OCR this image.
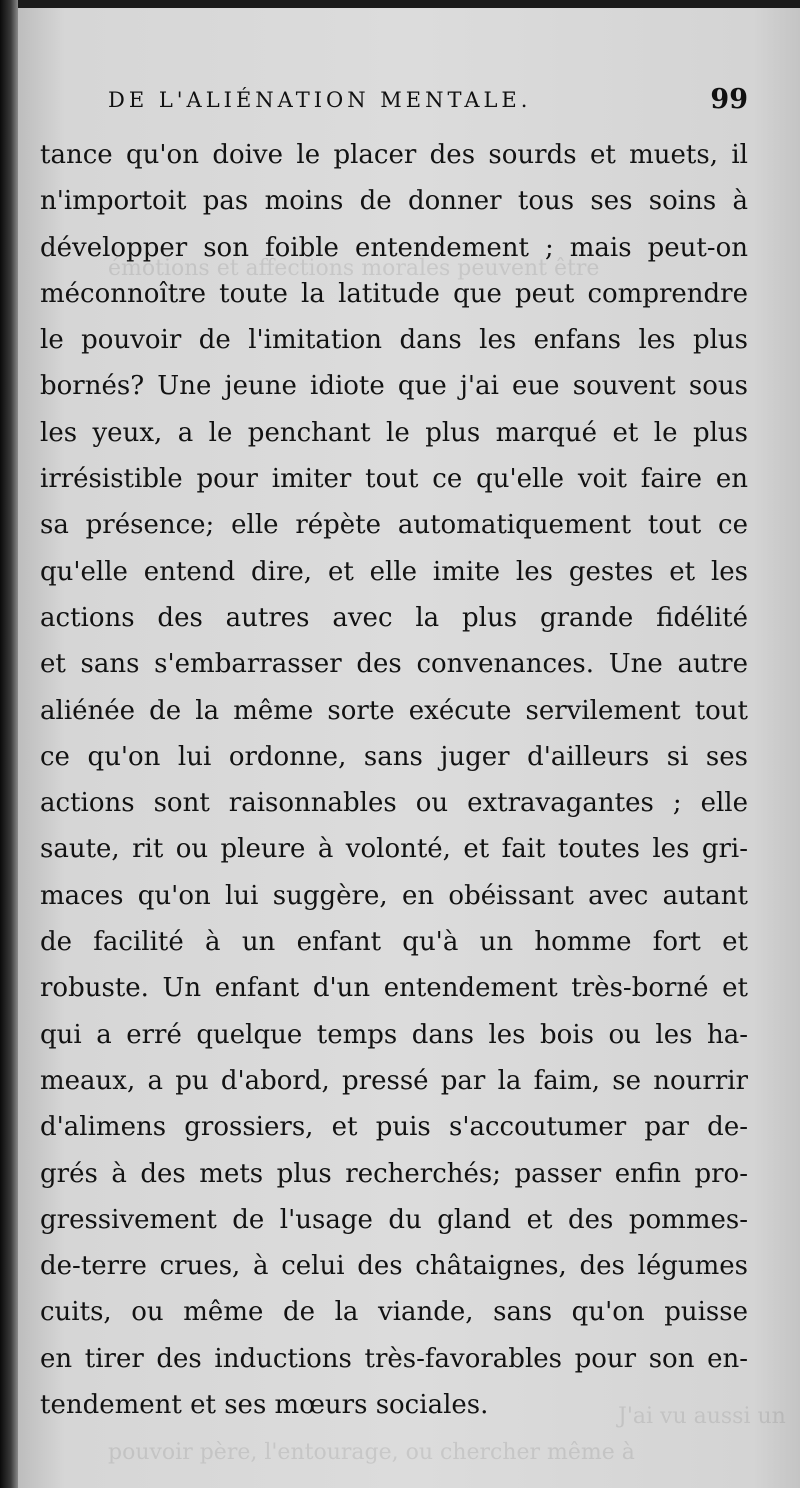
émotions et affections morales peuvent être
J'ai vu aussi un
pouvoir père, l'entourage, ou chercher même à
DE L'ALIÉNATION MENTALE.	99
tance qu'on doive le placer des sourds et muets, il
n'importoit pas moins de donner tous ses soins à
développer son foible entendement ; mais peut-on
méconnoître toute la latitude que peut comprendre
le pouvoir de l'imitation dans les enfans les plus
bornés? Une jeune idiote que j'ai eue souvent sous
les yeux, a le penchant le plus marqué et le plus
irrésistible pour imiter tout ce qu'elle voit faire en
sa présence; elle répète automatiquement tout ce
qu'elle entend dire, et elle imite les gestes et les
actions des autres avec la plus grande fidélité
et sans s'embarrasser des convenances. Une autre
aliénée de la même sorte exécute servilement tout
ce qu'on lui ordonne, sans juger d'ailleurs si ses
actions sont raisonnables ou extravagantes ; elle
saute, rit ou pleure à volonté, et fait toutes les gri-
maces qu'on lui suggère, en obéissant avec autant
de facilité à un enfant qu'à un homme fort et
robuste. Un enfant d'un entendement très-borné et
qui a erré quelque temps dans les bois ou les ha-
meaux, a pu d'abord, pressé par la faim, se nourrir
d'alimens grossiers, et puis s'accoutumer par de-
grés à des mets plus recherchés; passer enfin pro-
gressivement de l'usage du gland et des pommes-
de-terre crues, à celui des châtaignes, des légumes
cuits, ou même de la viande, sans qu'on puisse
en tirer des inductions très-favorables pour son en-
tendement et ses mœurs sociales.
